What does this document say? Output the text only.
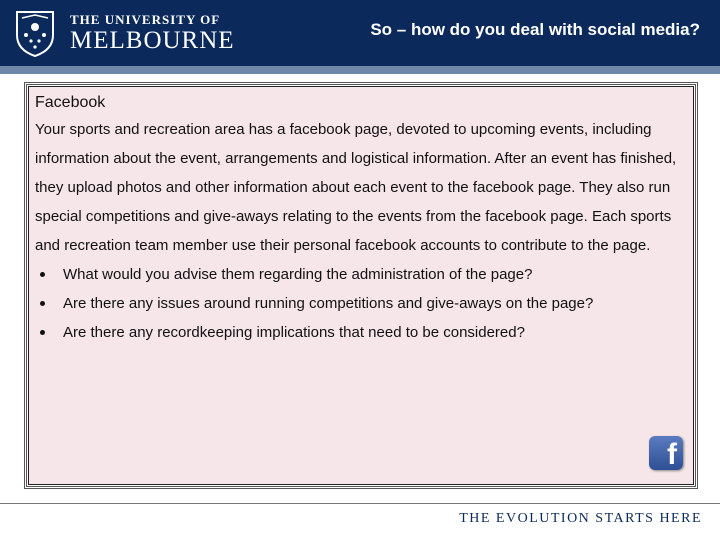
THE UNIVERSITY OF
MELBOURNE	So – how do you deal with social media?
Facebook
Your sports and recreation area has a facebook page, devoted to upcoming events, including information about the event, arrangements and logistical information. After an event has finished, they upload photos and other information about each event to the facebook page. They also run special competitions and give-aways relating to the events from the facebook page. Each sports and recreation team member use their personal facebook accounts to contribute to the page.
What would you advise them regarding the administration of the page?
Are there any issues around running competitions and give-aways on the page?
Are there any recordkeeping implications that need to be considered?
f
THE EVOLUTION STARTS HERE
